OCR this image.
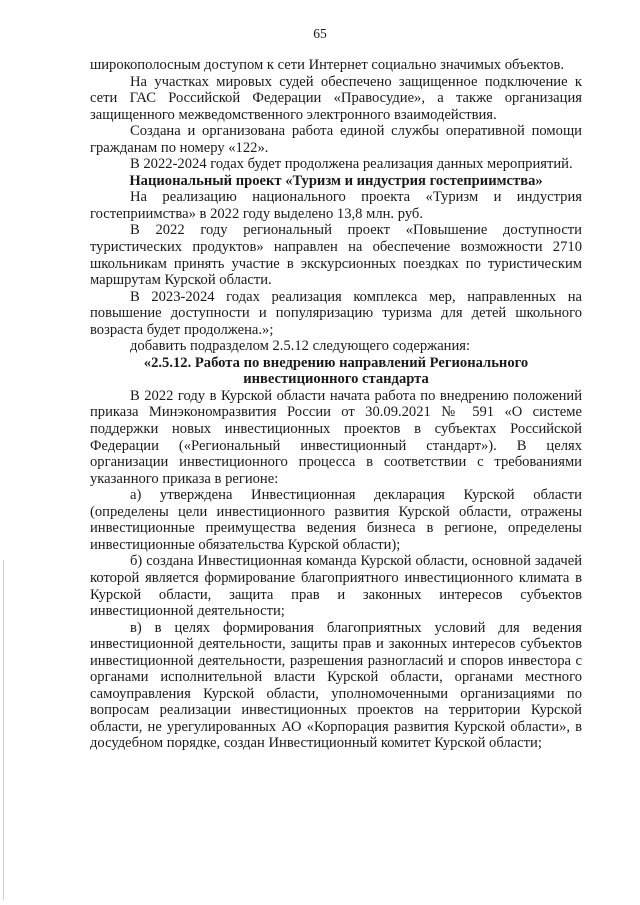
65

широкополосным доступом к сети Интернет социально значимых объектов.

На участках мировых судей обеспечено защищенное подключение к сети ГАС Российской Федерации «Правосудие», а также организация защищенного межведомственного электронного взаимодействия.

Создана и организована работа единой службы оперативной помощи гражданам по номеру «122».

В 2022-2024 годах будет продолжена реализация данных мероприятий.

Национальный проект «Туризм и индустрия гостеприимства»

На реализацию национального проекта «Туризм и индустрия гостеприимства» в 2022 году выделено 13,8 млн. руб.

В 2022 году региональный проект «Повышение доступности туристических продуктов» направлен на обеспечение возможности 2710 школьникам принять участие в экскурсионных поездках по туристическим маршрутам Курской области.

В 2023-2024 годах реализация комплекса мер, направленных на повышение доступности и популяризацию туризма для детей школьного возраста будет продолжена.»;

добавить подразделом 2.5.12 следующего содержания:

«2.5.12. Работа по внедрению направлений Регионального

инвестиционного стандарта

В 2022 году в Курской области начата работа по внедрению положений приказа Минэкономразвития России от 30.09.2021 № 591 «О системе поддержки новых инвестиционных проектов в субъектах Российской Федерации («Региональный инвестиционный стандарт»). В целях организации инвестиционного процесса в соответствии с требованиями указанного приказа в регионе:

а) утверждена Инвестиционная декларация Курской области (определены цели инвестиционного развития Курской области, отражены инвестиционные преимущества ведения бизнеса в регионе, определены инвестиционные обязательства Курской области);

б) создана Инвестиционная команда Курской области, основной задачей которой является формирование благоприятного инвестиционного климата в Курской области, защита прав и законных интересов субъектов инвестиционной деятельности;

в) в целях формирования благоприятных условий для ведения инвестиционной деятельности, защиты прав и законных интересов субъектов инвестиционной деятельности, разрешения разногласий и споров инвестора с органами исполнительной власти Курской области, органами местного самоуправления Курской области, уполномоченными организациями по вопросам реализации инвестиционных проектов на территории Курской области, не урегулированных АО «Корпорация развития Курской области», в досудебном порядке, создан Инвестиционный комитет Курской области;
